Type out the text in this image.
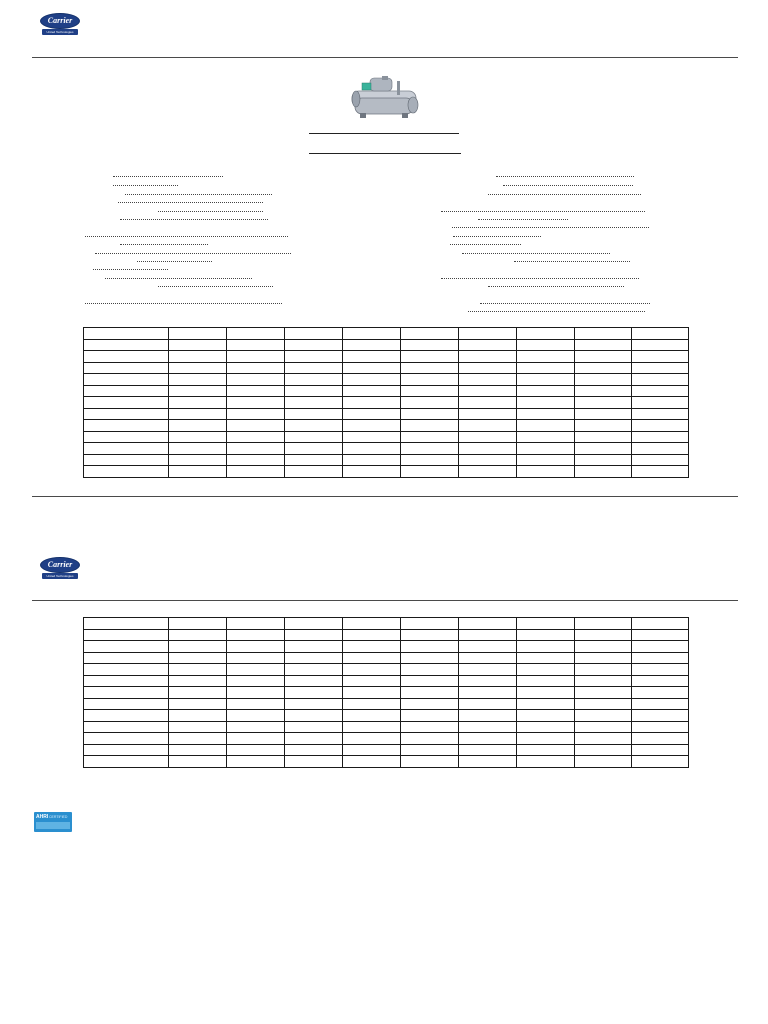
Carrier
United Technologies

Carrier
United Technologies

AHRI CERTIFIED
